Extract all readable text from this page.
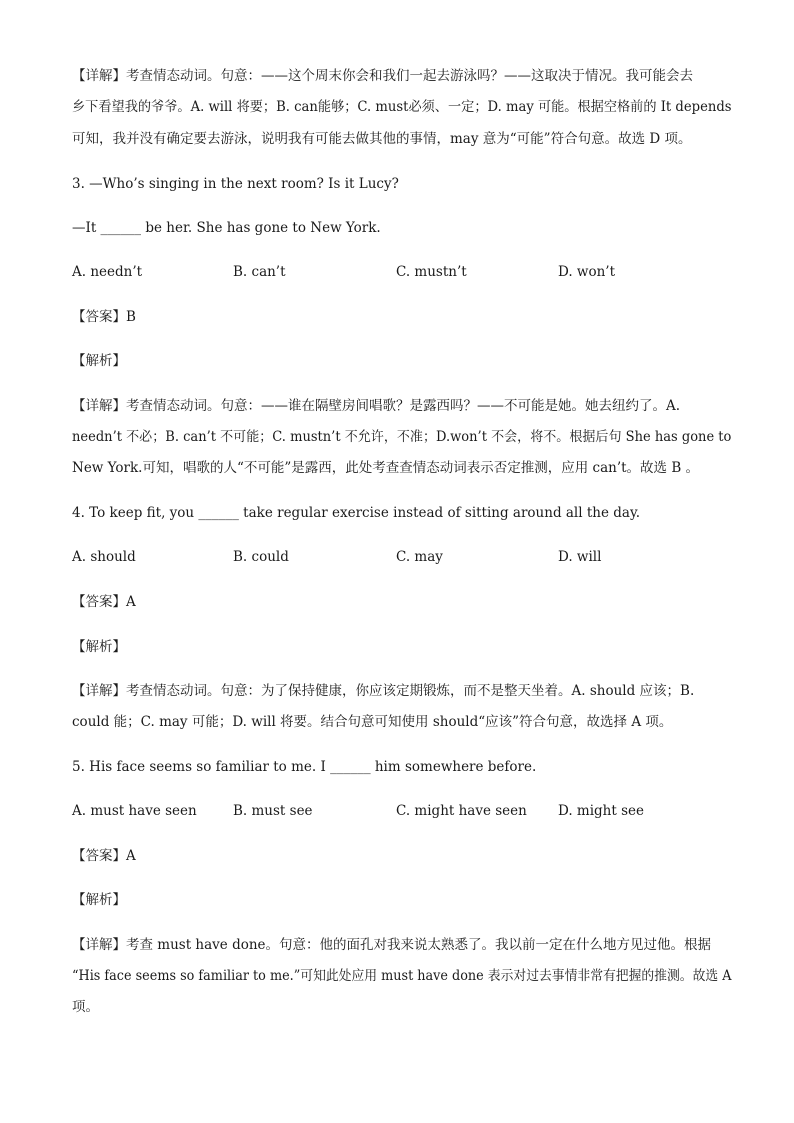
【详解】考查情态动词。句意：——这个周末你会和我们一起去游泳吗？——这取决于情况。我可能会去
乡下看望我的爷爷。A. will 将要；B. can能够；C. must必须、一定；D. may 可能。根据空格前的 It depends
可知，我并没有确定要去游泳，说明我有可能去做其他的事情，may 意为“可能”符合句意。故选 D 项。
3. —Who’s singing in the next room? Is it Lucy?
—It ______ be her. She has gone to New York.
A. needn’t	B. can’t	C. mustn’t	D. won’t
【答案】B
【解析】
【详解】考查情态动词。句意：——谁在隔壁房间唱歌？是露西吗？——不可能是她。她去纽约了。A.
needn’t 不必；B. can’t 不可能；C. mustn’t 不允许，不准；D.won’t 不会，将不。根据后句 She has gone to
New York.可知，唱歌的人“不可能”是露西，此处考查查情态动词表示否定推测，应用 can’t。故选 B 。
4. To keep fit, you ______ take regular exercise instead of sitting around all the day.
A. should	B. could	C. may	D. will
【答案】A
【解析】
【详解】考查情态动词。句意：为了保持健康，你应该定期锻炼，而不是整天坐着。A. should 应该；B.
could 能；C. may 可能；D. will 将要。结合句意可知使用 should“应该”符合句意，故选择 A 项。
5. His face seems so familiar to me. I ______ him somewhere before.
A. must have seen	B. must see	C. might have seen D. might see
【答案】A
【解析】
【详解】考查 must have done。句意：他的面孔对我来说太熟悉了。我以前一定在什么地方见过他。根据
“His face seems so familiar to me.”可知此处应用 must have done 表示对过去事情非常有把握的推测。故选 A
项。
